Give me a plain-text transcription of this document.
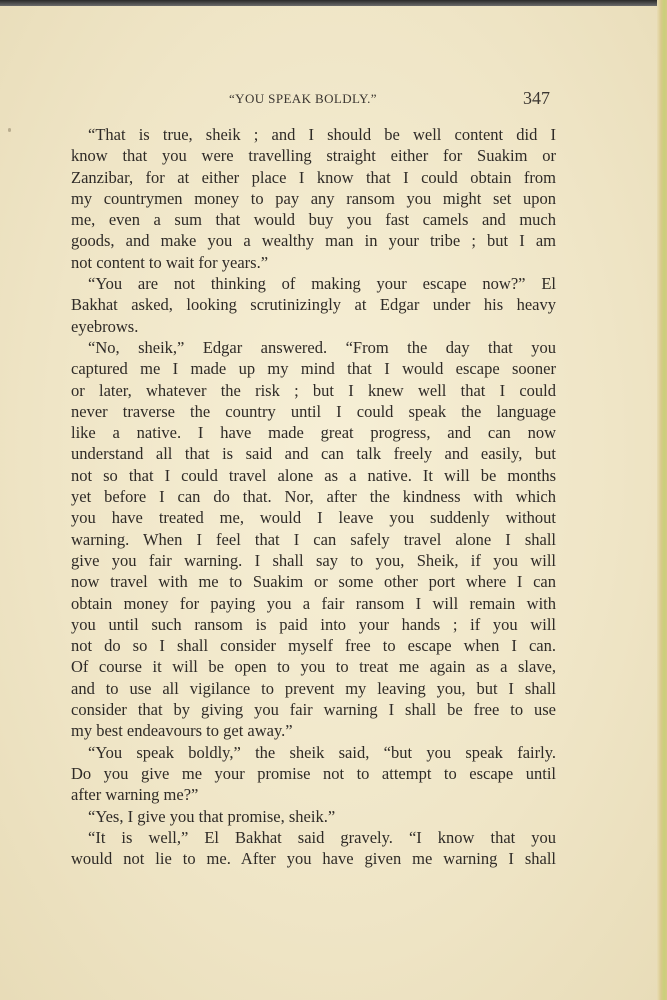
“YOU SPEAK BOLDLY.”	347
“That is true, sheik ; and I should be well content did I
know that you were travelling straight either for Suakim or
Zanzibar, for at either place I know that I could obtain from
my countrymen money to pay any ransom you might set upon
me, even a sum that would buy you fast camels and much
goods, and make you a wealthy man in your tribe ; but I am
not content to wait for years.”
“You are not thinking of making your escape now?” El
Bakhat asked, looking scrutinizingly at Edgar under his heavy
eyebrows.
“No, sheik,” Edgar answered. “From the day that you
captured me I made up my mind that I would escape sooner
or later, whatever the risk ; but I knew well that I could
never traverse the country until I could speak the language
like a native. I have made great progress, and can now
understand all that is said and can talk freely and easily, but
not so that I could travel alone as a native. It will be months
yet before I can do that. Nor, after the kindness with which
you have treated me, would I leave you suddenly without
warning. When I feel that I can safely travel alone I shall
give you fair warning. I shall say to you, Sheik, if you will
now travel with me to Suakim or some other port where I can
obtain money for paying you a fair ransom I will remain with
you until such ransom is paid into your hands ; if you will
not do so I shall consider myself free to escape when I can.
Of course it will be open to you to treat me again as a slave,
and to use all vigilance to prevent my leaving you, but I shall
consider that by giving you fair warning I shall be free to use
my best endeavours to get away.”
“You speak boldly,” the sheik said, “but you speak fairly.
Do you give me your promise not to attempt to escape until
after warning me?”
“Yes, I give you that promise, sheik.”
“It is well,” El Bakhat said gravely. “I know that you
would not lie to me. After you have given me warning I shall
